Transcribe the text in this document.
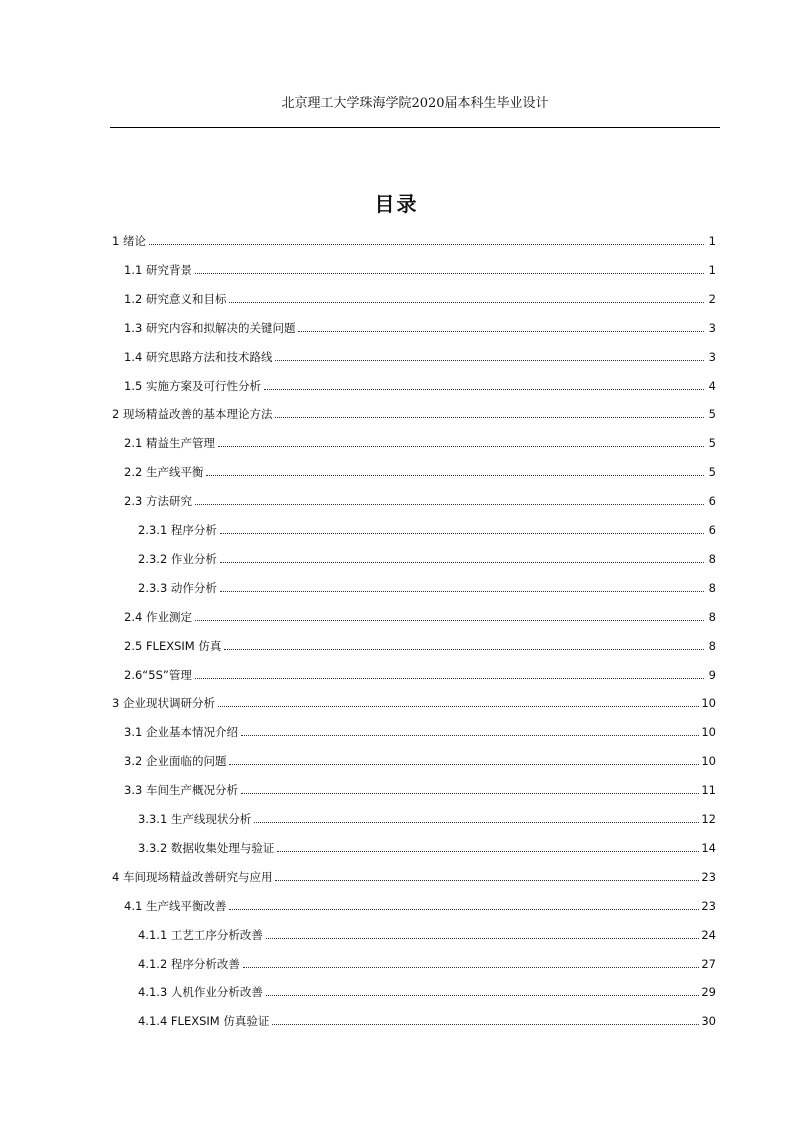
北京理工大学珠海学院2020届本科生毕业设计
目录
1 绪论	1
1.1 研究背景	1
1.2 研究意义和目标	2
1.3 研究内容和拟解决的关键问题	3
1.4 研究思路方法和技术路线	3
1.5 实施方案及可行性分析	4
2 现场精益改善的基本理论方法	5
2.1 精益生产管理	5
2.2 生产线平衡	5
2.3 方法研究	6
2.3.1 程序分析	6
2.3.2 作业分析	8
2.3.3 动作分析	8
2.4 作业测定	8
2.5 FLEXSIM 仿真	8
2.6“5S”管理	9
3 企业现状调研分析	10
3.1 企业基本情况介绍	10
3.2 企业面临的问题	10
3.3 车间生产概况分析	11
3.3.1 生产线现状分析	12
3.3.2 数据收集处理与验证	14
4 车间现场精益改善研究与应用	23
4.1 生产线平衡改善	23
4.1.1 工艺工序分析改善	24
4.1.2 程序分析改善	27
4.1.3 人机作业分析改善	29
4.1.4 FLEXSIM 仿真验证	30
